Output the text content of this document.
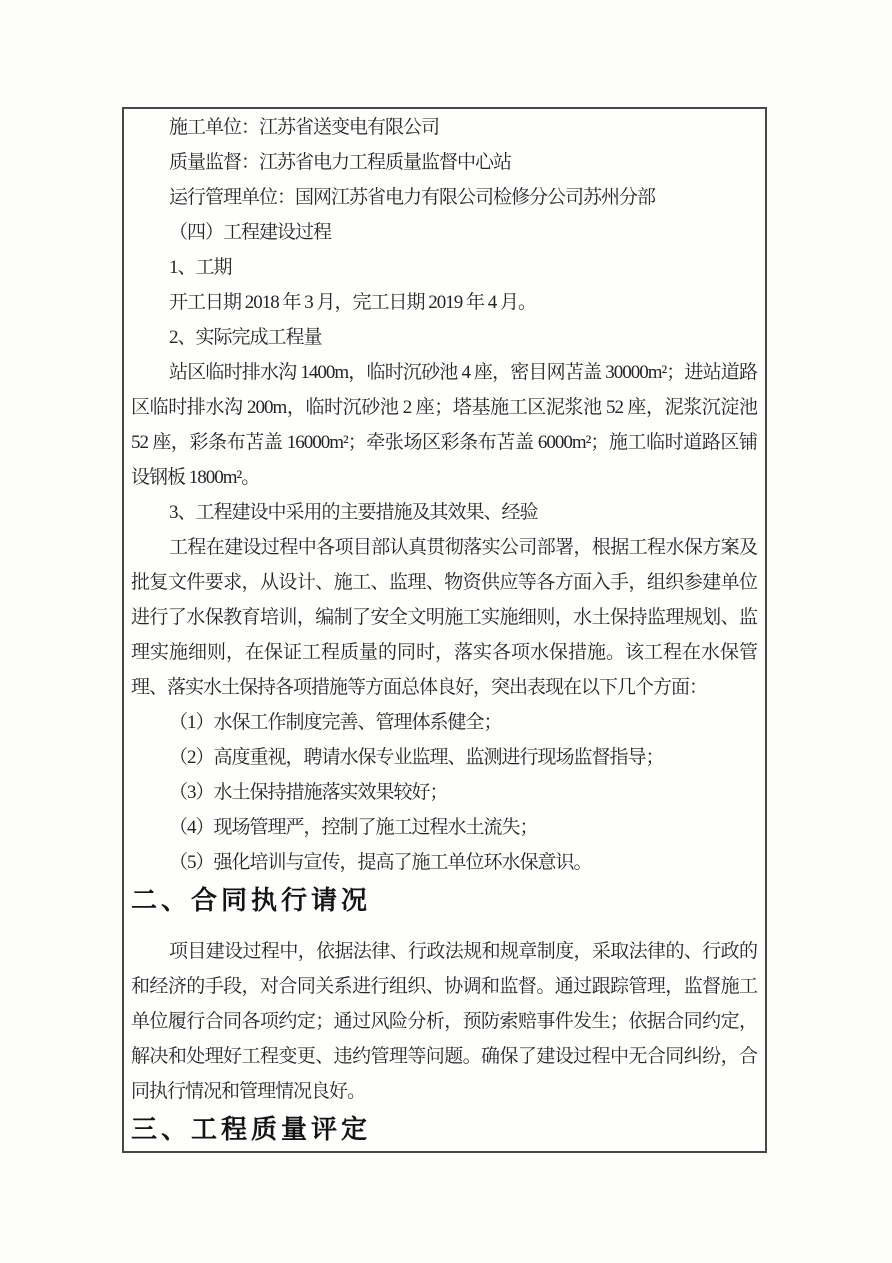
施工单位：江苏省送变电有限公司

质量监督：江苏省电力工程质量监督中心站

运行管理单位：国网江苏省电力有限公司检修分公司苏州分部

（四）工程建设过程

1、工期

开工日期 2018 年 3 月，完工日期 2019 年 4 月。

2、实际完成工程量

站区临时排水沟 1400m，临时沉砂池 4 座，密目网苫盖 30000m²；进站道路区临时排水沟 200m，临时沉砂池 2 座；塔基施工区泥浆池 52 座，泥浆沉淀池 52 座，彩条布苫盖 16000m²；牵张场区彩条布苫盖 6000m²；施工临时道路区铺设钢板 1800m²。

3、工程建设中采用的主要措施及其效果、经验

工程在建设过程中各项目部认真贯彻落实公司部署，根据工程水保方案及批复文件要求，从设计、施工、监理、物资供应等各方面入手，组织参建单位进行了水保教育培训，编制了安全文明施工实施细则，水土保持监理规划、监理实施细则，在保证工程质量的同时，落实各项水保措施。该工程在水保管理、落实水土保持各项措施等方面总体良好，突出表现在以下几个方面：

（1）水保工作制度完善、管理体系健全；

（2）高度重视，聘请水保专业监理、监测进行现场监督指导；

（3）水土保持措施落实效果较好；

（4）现场管理严，控制了施工过程水土流失；

（5）强化培训与宣传，提高了施工单位环水保意识。

二、合同执行请况

项目建设过程中，依据法律、行政法规和规章制度，采取法律的、行政的和经济的手段，对合同关系进行组织、协调和监督。通过跟踪管理，监督施工单位履行合同各项约定；通过风险分析，预防索赔事件发生；依据合同约定，解决和处理好工程变更、违约管理等问题。确保了建设过程中无合同纠纷，合同执行情况和管理情况良好。

三、工程质量评定
